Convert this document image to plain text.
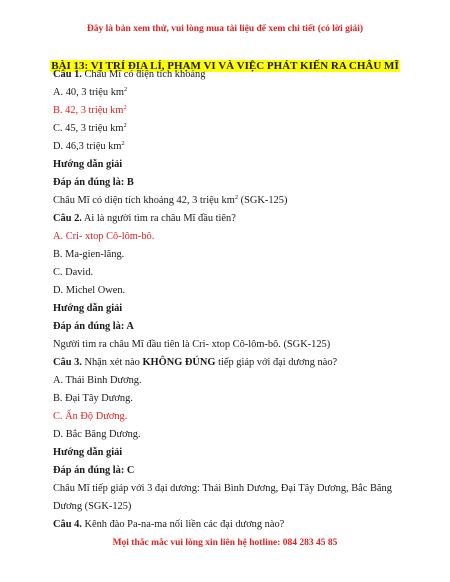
Đây là bản xem thử, vui lòng mua tài liệu để xem chi tiết (có lời giải)
BÀI 13: VỊ TRÍ ĐỊA LÍ, PHẠM VI VÀ VIỆC PHÁT KIẾN RA CHÂU MĨ
Câu 1. Châu Mĩ có diện tích khoảng
A. 40, 3 triệu $km^2$
B. 42, 3 triệu $km^2$
C. 45, 3 triệu $km^2$
D. 46,3 triệu $km^2$
Hướng dẫn giải
Đáp án đúng là: B
Châu Mĩ có diện tích khoảng 42, 3 triệu $km^2$ (SGK-125)
Câu 2. Ai là người tìm ra châu Mĩ đầu tiên?
A. Cri- xtop Cô-lôm-bô.
B. Ma-gien-lăng.
C. David.
D. Michel Owen.
Hướng dẫn giải
Đáp án đúng là: A
Người tìm ra châu Mĩ đầu tiên là Cri- xtop Cô-lôm-bô. (SGK-125)
Câu 3. Nhận xét nào KHÔNG ĐÚNG tiếp giáp với đại dương nào?
A. Thái Bình Dương.
B. Đại Tây Dương.
C. Ấn Độ Dương.
D. Bắc Băng Dương.
Hướng dẫn giải
Đáp án đúng là: C
Châu Mĩ tiếp giáp với 3 đại dương: Thái Bình Dương, Đại Tây Dương, Bắc Băng Dương (SGK-125)
Câu 4. Kênh đào Pa-na-ma nối liền các đại dương nào?
Mọi thắc mắc vui lòng xin liên hệ hotline: 084 283 45 85
